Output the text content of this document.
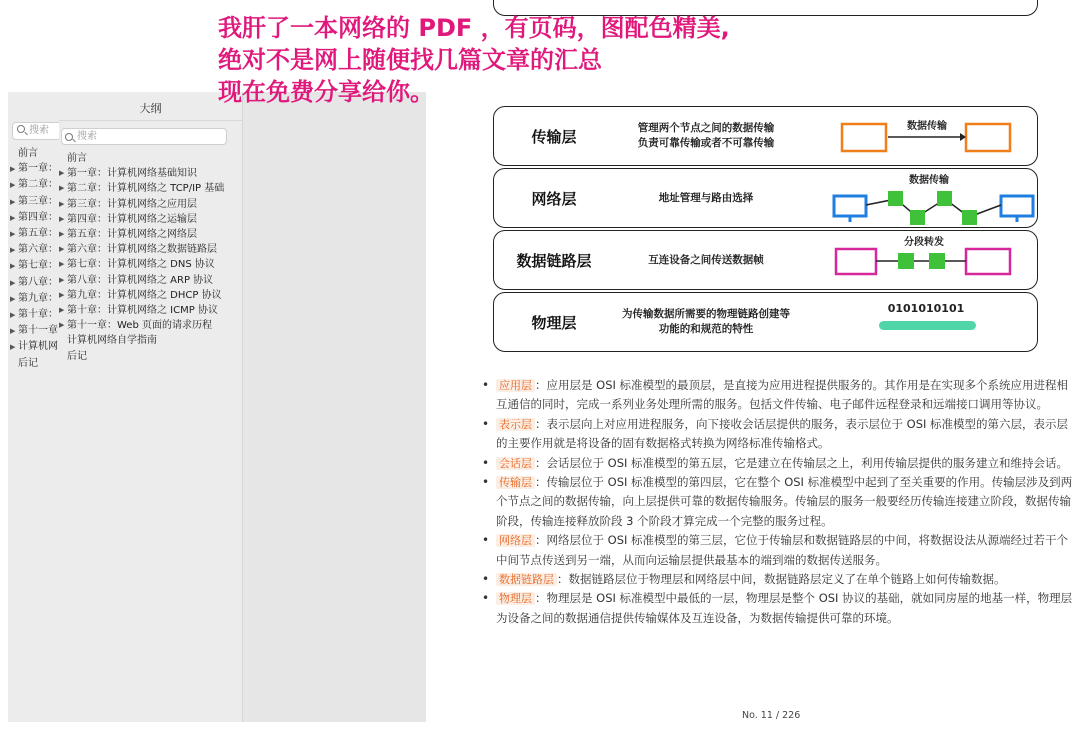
我肝了一本网络的 PDF ，有页码，图配色精美,
绝对不是网上随便找几篇文章的汇总
现在免费分享给你。
搜索
前言
▶ 第一章：
▶ 第二章：
▶ 第三章：
▶ 第四章：
▶ 第五章：
▶ 第六章：
▶ 第七章：
▶ 第八章：
▶ 第九章：
▶ 第十章：
▶ 第十一章
▶ 计算机网
后记
大纲
搜索
前言
▶ 第一章：计算机网络基础知识
▶ 第二章：计算机网络之 TCP/IP 基础
▶ 第三章：计算机网络之应用层
▶ 第四章：计算机网络之运输层
▶ 第五章：计算机网络之网络层
▶ 第六章：计算机网络之数据链路层
▶ 第七章：计算机网络之 DNS 协议
▶ 第八章：计算机网络之 ARP 协议
▶ 第九章：计算机网络之 DHCP 协议
▶ 第十章：计算机网络之 ICMP 协议
▶ 第十一章：Web 页面的请求历程
计算机网络自学指南
后记
传输层	管理两个节点之间的数据传输
负责可靠传输或者不可靠传输
数据传输
网络层	地址管理与路由选择
数据传输
数据链路层	互连设备之间传送数据帧
分段转发
物理层	为传输数据所需要的物理链路创建等
功能的和规范的特性
0101010101
• 应用层 ：应用层是 OSI 标准模型的最顶层，是直接为应用进程提供服务的。其作用是在实现多个系统应用进程相互通信的同时，完成一系列业务处理所需的服务。包括文件传输、电子邮件远程登录和远端接口调用等协议。
• 表示层 ：表示层向上对应用进程服务，向下接收会话层提供的服务，表示层位于 OSI 标准模型的第六层，表示层的主要作用就是将设备的固有数据格式转换为网络标准传输格式。
• 会话层 ：会话层位于 OSI 标准模型的第五层，它是建立在传输层之上，利用传输层提供的服务建立和维持会话。
• 传输层 ：传输层位于 OSI 标准模型的第四层，它在整个 OSI 标准模型中起到了至关重要的作用。传输层涉及到两个节点之间的数据传输，向上层提供可靠的数据传输服务。传输层的服务一般要经历传输连接建立阶段，数据传输阶段，传输连接释放阶段 3 个阶段才算完成一个完整的服务过程。
• 网络层 ：网络层位于 OSI 标准模型的第三层，它位于传输层和数据链路层的中间，将数据设法从源端经过若干个中间节点传送到另一端，从而向运输层提供最基本的端到端的数据传送服务。
• 数据链路层 ：数据链路层位于物理层和网络层中间，数据链路层定义了在单个链路上如何传输数据。
• 物理层 ：物理层是 OSI 标准模型中最低的一层，物理层是整个 OSI 协议的基础，就如同房屋的地基一样，物理层为设备之间的数据通信提供传输媒体及互连设备，为数据传输提供可靠的环境。
No. 11 / 226
